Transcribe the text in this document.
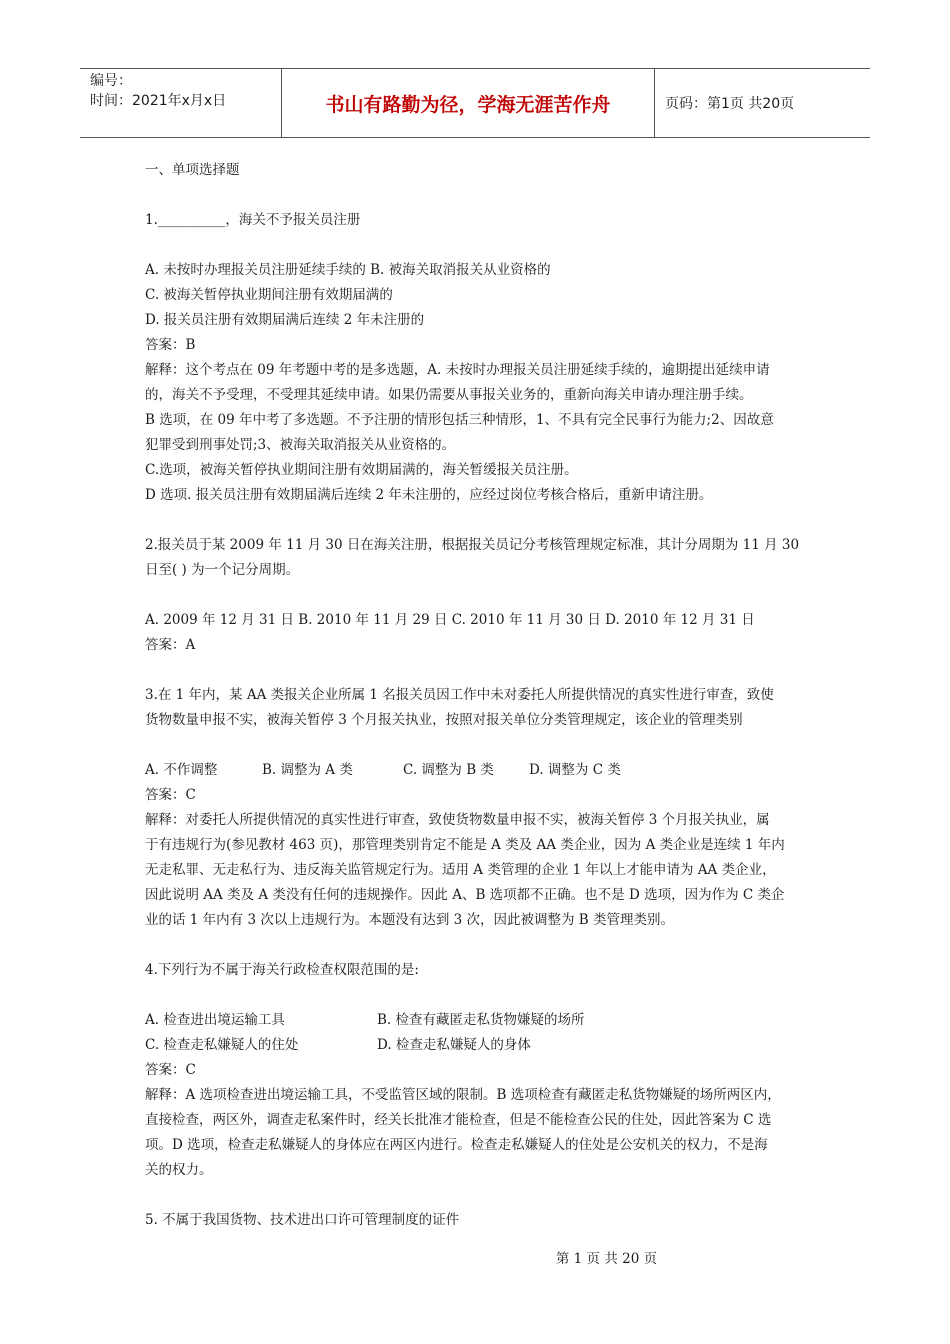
编号：
时间：2021年x月x日	书山有路勤为径，学海无涯苦作舟	页码：第1页 共20页

一、单项选择题

1.__________，海关不予报关员注册

A. 未按时办理报关员注册延续手续的 B. 被海关取消报关从业资格的

C. 被海关暂停执业期间注册有效期届满的

D. 报关员注册有效期届满后连续 2 年未注册的

答案：B

解释：这个考点在 09 年考题中考的是多选题，A. 未按时办理报关员注册延续手续的，逾期提出延续申请

的，海关不予受理，不受理其延续申请。如果仍需要从事报关业务的，重新向海关申请办理注册手续。

B 选项，在 09 年中考了多选题。不予注册的情形包括三种情形，1、不具有完全民事行为能力;2、因故意

犯罪受到刑事处罚;3、被海关取消报关从业资格的。

C.选项，被海关暂停执业期间注册有效期届满的，海关暂缓报关员注册。

D 选项. 报关员注册有效期届满后连续 2 年未注册的，应经过岗位考核合格后，重新申请注册。

2.报关员于某 2009 年 11 月 30 日在海关注册，根据报关员记分考核管理规定标准，其计分周期为 11 月 30

日至( ) 为一个记分周期。

A. 2009 年 12 月 31 日 B. 2010 年 11 月 29 日 C. 2010 年 11 月 30 日 D. 2010 年 12 月 31 日

答案：A

3.在 1 年内，某 AA 类报关企业所属 1 名报关员因工作中未对委托人所提供情况的真实性进行审查，致使

货物数量申报不实，被海关暂停 3 个月报关执业，按照对报关单位分类管理规定，该企业的管理类别

A. 不作调整	B. 调整为 A 类	C. 调整为 B 类	D. 调整为 C 类

答案：C

解释：对委托人所提供情况的真实性进行审查，致使货物数量申报不实，被海关暂停 3 个月报关执业，属

于有违规行为(参见教材 463 页)，那管理类别肯定不能是 A 类及 AA 类企业，因为 A 类企业是连续 1 年内

无走私罪、无走私行为、违反海关监管规定行为。适用 A 类管理的企业 1 年以上才能申请为 AA 类企业，

因此说明 AA 类及 A 类没有任何的违规操作。因此 A、B 选项都不正确。也不是 D 选项，因为作为 C 类企

业的话 1 年内有 3 次以上违规行为。本题没有达到 3 次，因此被调整为 B 类管理类别。

4.下列行为不属于海关行政检查权限范围的是:

A. 检查进出境运输工具	B. 检查有藏匿走私货物嫌疑的场所

C. 检查走私嫌疑人的住处	D. 检查走私嫌疑人的身体

答案：C

解释：A 选项检查进出境运输工具，不受监管区域的限制。B 选项检查有藏匿走私货物嫌疑的场所两区内，

直接检查，两区外，调查走私案件时，经关长批准才能检查，但是不能检查公民的住处，因此答案为 C 选

项。D 选项，检查走私嫌疑人的身体应在两区内进行。检查走私嫌疑人的住处是公安机关的权力，不是海

关的权力。

5. 不属于我国货物、技术进出口许可管理制度的证件

第 1 页 共 20 页
